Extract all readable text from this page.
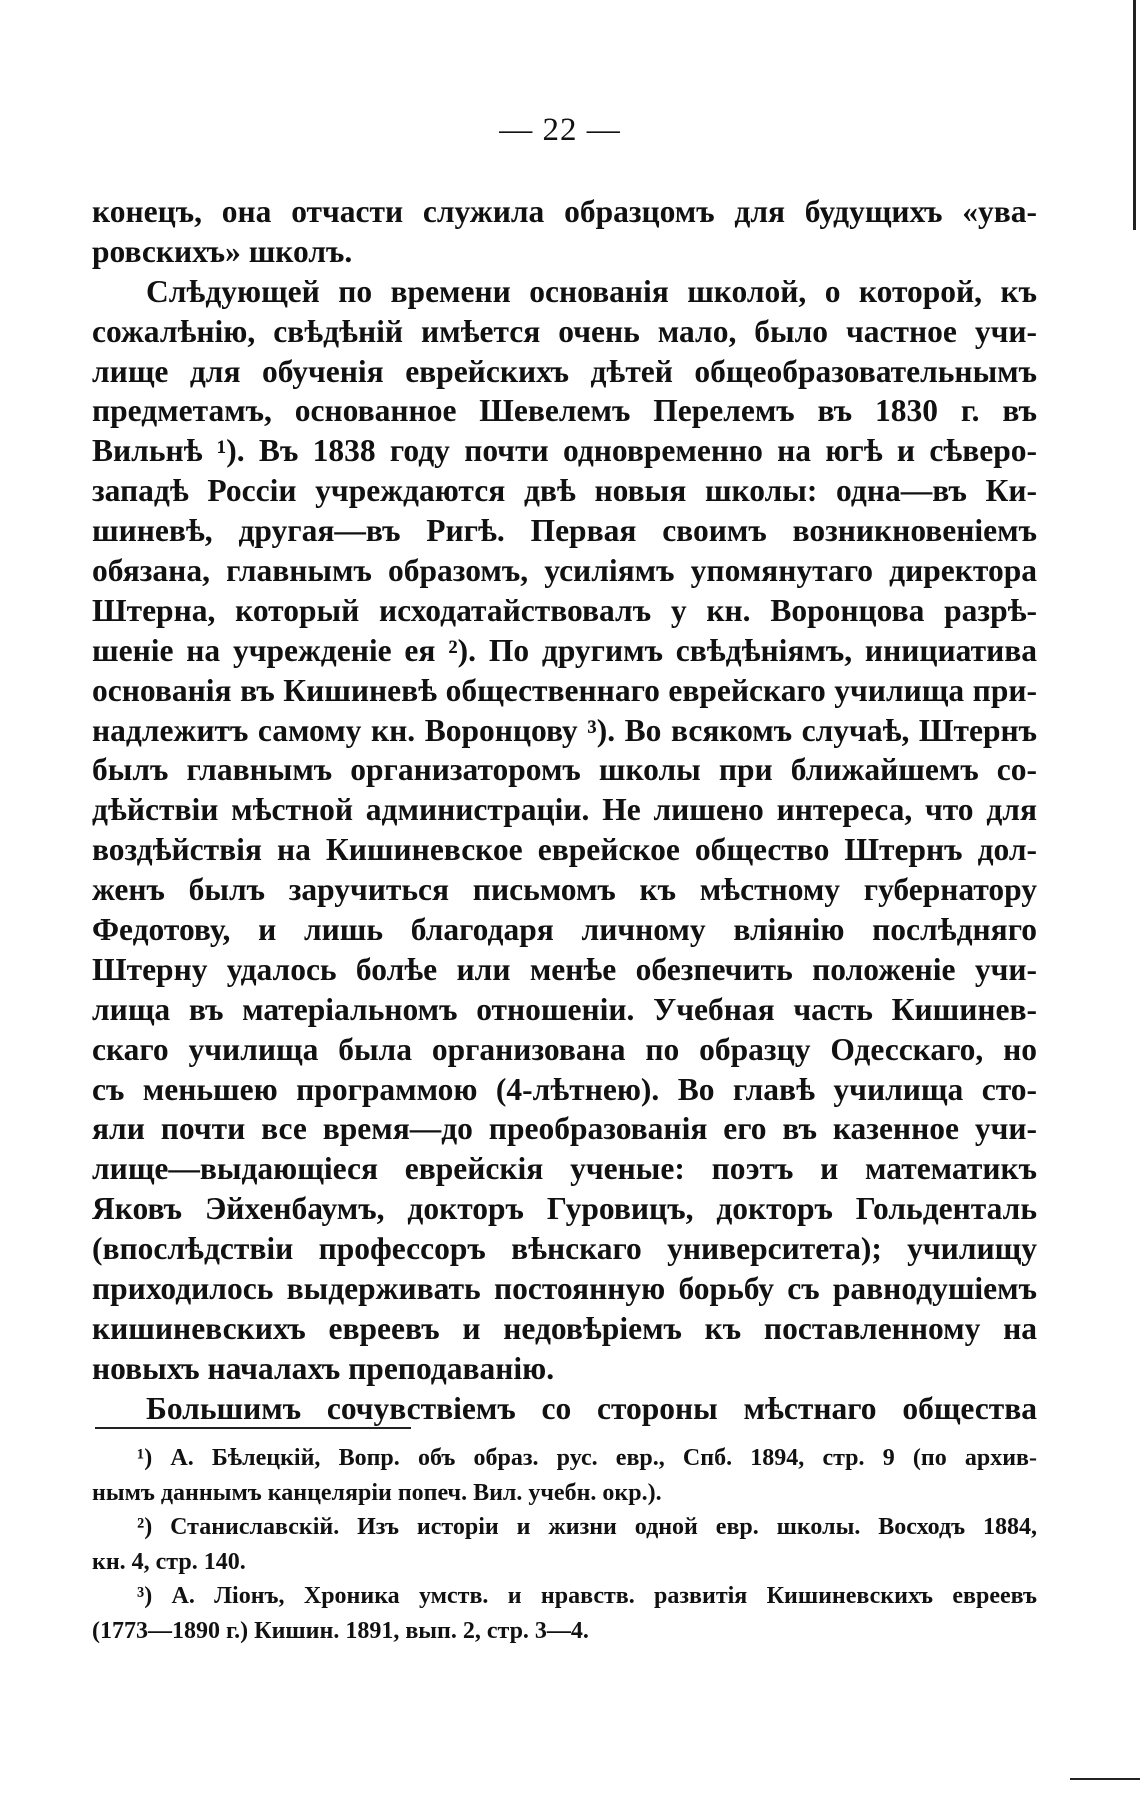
— 22 —
конецъ, она отчасти служила образцомъ для будущихъ «ува-
ровскихъ» школъ.
Слѣдующей по времени основанія школой, о которой, къ
сожалѣнію, свѣдѣній имѣется очень мало, было частное учи-
лище для обученія еврейскихъ дѣтей общеобразовательнымъ
предметамъ, основанное Шевелемъ Перелемъ въ 1830 г. въ
Вильнѣ ¹). Въ 1838 году почти одновременно на югѣ и сѣверо-
западѣ Россіи учреждаются двѣ новыя школы: одна—въ Ки-
шиневѣ, другая—въ Ригѣ. Первая своимъ возникновеніемъ
обязана, главнымъ образомъ, усиліямъ упомянутаго директора
Штерна, который исходатайствовалъ у кн. Воронцова разрѣ-
шеніе на учрежденіе ея ²). По другимъ свѣдѣніямъ, инициатива
основанія въ Кишиневѣ общественнаго еврейскаго училища при-
надлежитъ самому кн. Воронцову ³). Во всякомъ случаѣ, Штернъ
былъ главнымъ организаторомъ школы при ближайшемъ со-
дѣйствіи мѣстной администраціи. Не лишено интереса, что для
воздѣйствія на Кишиневское еврейское общество Штернъ дол-
женъ былъ заручиться письмомъ къ мѣстному губернатору
Федотову, и лишь благодаря личному вліянію послѣдняго
Штерну удалось болѣе или менѣе обезпечить положеніе учи-
лища въ матеріальномъ отношеніи. Учебная часть Кишинев-
скаго училища была организована по образцу Одесскаго, но
съ меньшею программою (4-лѣтнею). Во главѣ училища сто-
яли почти все время—до преобразованія его въ казенное учи-
лище—выдающіеся еврейскія ученые: поэтъ и математикъ
Яковъ Эйхенбаумъ, докторъ Гуровицъ, докторъ Гольденталь
(впослѣдствіи профессоръ вѣнскаго университета); училищу
приходилось выдерживать постоянную борьбу съ равнодушіемъ
кишиневскихъ евреевъ и недовѣріемъ къ поставленному на
новыхъ началахъ преподаванію.
Большимъ сочувствіемъ со стороны мѣстнаго общества
¹) А. Бѣлецкій, Вопр. объ образ. рус. евр., Спб. 1894, стр. 9 (по архив-
нымъ даннымъ канцеляріи попеч. Вил. учебн. окр.).
²) Станиславскій. Изъ исторіи и жизни одной евр. школы. Восходъ 1884,
кн. 4, стр. 140.
³) А. Ліонъ, Хроника умств. и нравств. развитія Кишиневскихъ евреевъ
(1773—1890 г.) Кишин. 1891, вып. 2, стр. 3—4.
